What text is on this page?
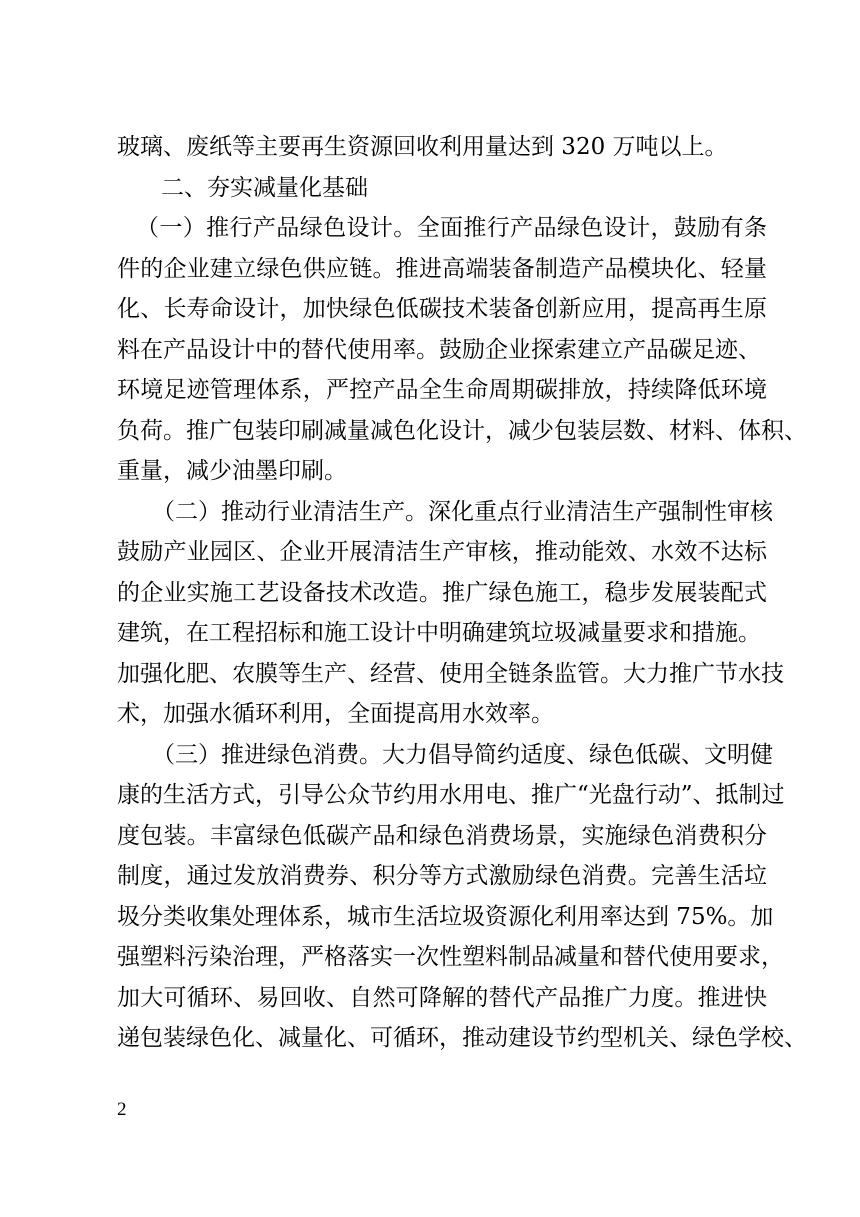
玻璃、废纸等主要再生资源回收利用量达到 320 万吨以上。
二、夯实减量化基础
（一）推行产品绿色设计。全面推行产品绿色设计，鼓励有条
件的企业建立绿色供应链。推进高端装备制造产品模块化、轻量
化、长寿命设计，加快绿色低碳技术装备创新应用，提高再生原
料在产品设计中的替代使用率。鼓励企业探索建立产品碳足迹、
环境足迹管理体系，严控产品全生命周期碳排放，持续降低环境
负荷。推广包装印刷减量减色化设计，减少包装层数、材料、体积、
重量，减少油墨印刷。
（二）推动行业清洁生产。深化重点行业清洁生产强制性审核
鼓励产业园区、企业开展清洁生产审核，推动能效、水效不达标
的企业实施工艺设备技术改造。推广绿色施工，稳步发展装配式
建筑，在工程招标和施工设计中明确建筑垃圾减量要求和措施。
加强化肥、农膜等生产、经营、使用全链条监管。大力推广节水技
术，加强水循环利用，全面提高用水效率。
（三）推进绿色消费。大力倡导简约适度、绿色低碳、文明健
康的生活方式，引导公众节约用水用电、推广“光盘行动”、抵制过
度包装。丰富绿色低碳产品和绿色消费场景，实施绿色消费积分
制度，通过发放消费券、积分等方式激励绿色消费。完善生活垃
圾分类收集处理体系，城市生活垃圾资源化利用率达到 75%。加
强塑料污染治理，严格落实一次性塑料制品减量和替代使用要求，
加大可循环、易回收、自然可降解的替代产品推广力度。推进快
递包装绿色化、减量化、可循环，推动建设节约型机关、绿色学校、
2
